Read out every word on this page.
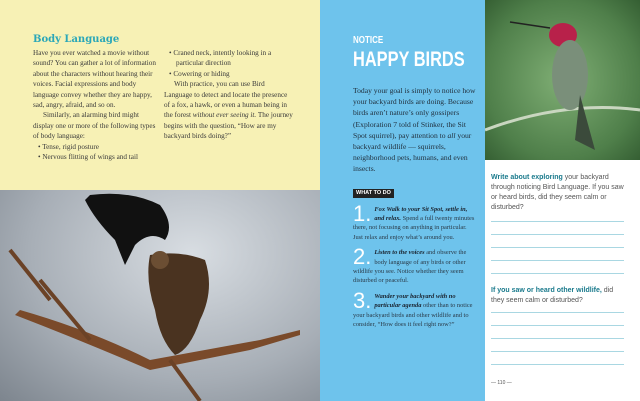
Body Language

Have you ever watched a movie without sound? You can gather a lot of information about the characters without hearing their voices. Facial expressions and body language convey whether they are happy, sad, angry, afraid, and so on.

Similarly, an alarming bird might display one or more of the following types of body language:

• Tense, rigid posture

• Nervous flitting of wings and tail

• Craned neck, intently looking in a particular direction

• Cowering or hiding

With practice, you can use Bird Language to detect and locate the presence of a fox, a hawk, or even a human being in the forest without ever seeing it. The journey begins with the question, “How are my backyard birds doing?”

NOTICE
HAPPY BIRDS
Today your goal is simply to notice how your backyard birds are doing. Because birds aren’t nature’s only gossipers (Exploration 7 told of Stinker, the Sit Spot squirrel), pay attention to all your backyard wildlife — squirrels, neighborhood pets, humans, and even insects.
WHAT TO DO
1. Fox Walk to your Sit Spot, settle in, and relax. Spend a full twenty minutes there, not focusing on anything in particular. Just relax and enjoy what’s around you.
2. Listen to the voices and observe the body language of any birds or other wildlife you see. Notice whether they seem disturbed or peaceful.
3. Wander your backyard with no particular agenda other than to notice your backyard birds and other wildlife and to consider, “How does it feel right now?”
Write about exploring your backyard through noticing Bird Language. If you saw or heard birds, did they seem calm or disturbed?
If you saw or heard other wildlife, did they seem calm or disturbed?
— 110 —
